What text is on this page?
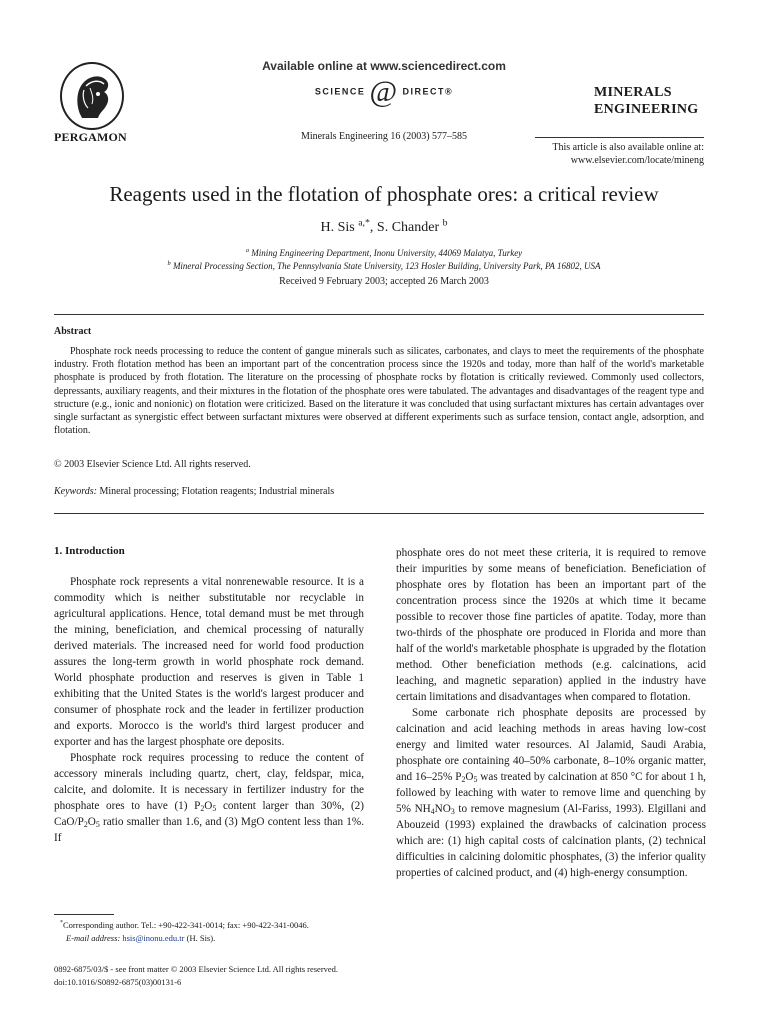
PERGAMON
Available online at www.sciencedirect.com
SCIENCE @ DIRECT®
Minerals Engineering 16 (2003) 577–585
MINERALS
ENGINEERING
This article is also available online at:
www.elsevier.com/locate/mineng
Reagents used in the flotation of phosphate ores: a critical review
H. Sis $^{a,*}$, S. Chander $^b$
$^a$ Mining Engineering Department, Inonu University, 44069 Malatya, Turkey
$^b$ Mineral Processing Section, The Pennsylvania State University, 123 Hosler Building, University Park, PA 16802, USA
Received 9 February 2003; accepted 26 March 2003
Abstract
Phosphate rock needs processing to reduce the content of gangue minerals such as silicates, carbonates, and clays to meet the requirements of the phosphate industry. Froth flotation method has been an important part of the concentration process since the 1920s and today, more than half of the world's marketable phosphate is produced by froth flotation. The literature on the processing of phosphate rocks by flotation is critically reviewed. Commonly used collectors, depressants, auxiliary reagents, and their mixtures in the flotation of the phosphate ores were tabulated. The advantages and disadvantages of the reagent type and structure (e.g., ionic and nonionic) on flotation were criticized. Based on the literature it was concluded that using surfactant mixtures has certain advantages over single surfactant as synergistic effect between surfactant mixtures were observed at different experiments such as surface tension, contact angle, adsorption, and flotation.
© 2003 Elsevier Science Ltd. All rights reserved.
Keywords: Mineral processing; Flotation reagents; Industrial minerals
1. Introduction

Phosphate rock represents a vital nonrenewable resource. It is a commodity which is neither substitutable nor recyclable in agricultural applications. Hence, total demand must be met through the mining, beneficiation, and chemical processing of naturally derived materials. The increased need for world food production assures the long-term growth in world phosphate rock demand. World phosphate production and reserves is given in Table 1 exhibiting that the United States is the world's largest producer and consumer of phosphate rock and the leader in fertilizer production and exports. Morocco is the world's third largest producer and exporter and has the largest phosphate ore deposits.

Phosphate rock requires processing to reduce the content of accessory minerals including quartz, chert, clay, feldspar, mica, calcite, and dolomite. It is necessary in fertilizer industry for the phosphate ores to have (1) $P_2O_5$ content larger than 30%, (2) CaO/$P_2O_5$ ratio smaller than 1.6, and (3) MgO content less than 1%. If

phosphate ores do not meet these criteria, it is required to remove their impurities by some means of beneficiation. Beneficiation of phosphate ores by flotation has been an important part of the concentration process since the 1920s at which time it became possible to recover those fine particles of apatite. Today, more than two-thirds of the phosphate ore produced in Florida and more than half of the world's marketable phosphate is upgraded by the flotation method. Other beneficiation methods (e.g. calcinations, acid leaching, and magnetic separation) applied in the industry have certain limitations and disadvantages when compared to flotation.

Some carbonate rich phosphate deposits are processed by calcination and acid leaching methods in areas having low-cost energy and limited water resources. Al Jalamid, Saudi Arabia, phosphate ore containing 40–50% carbonate, 8–10% organic matter, and 16–25% $P_2O_5$ was treated by calcination at 850 °C for about 1 h, followed by leaching with water to remove lime and quenching by 5% $NH_4NO_3$ to remove magnesium (Al-Fariss, 1993). Elgillani and Abouzeid (1993) explained the drawbacks of calcination process which are: (1) high capital costs of calcination plants, (2) technical difficulties in calcining dolomitic phosphates, (3) the inferior quality properties of calcined product, and (4) high-energy consumption.

*Corresponding author. Tel.: +90-422-341-0014; fax: +90-422-341-0046.
E-mail address: hsis@inonu.edu.tr (H. Sis).
0892-6875/03/$ - see front matter © 2003 Elsevier Science Ltd. All rights reserved.
doi:10.1016/S0892-6875(03)00131-6
